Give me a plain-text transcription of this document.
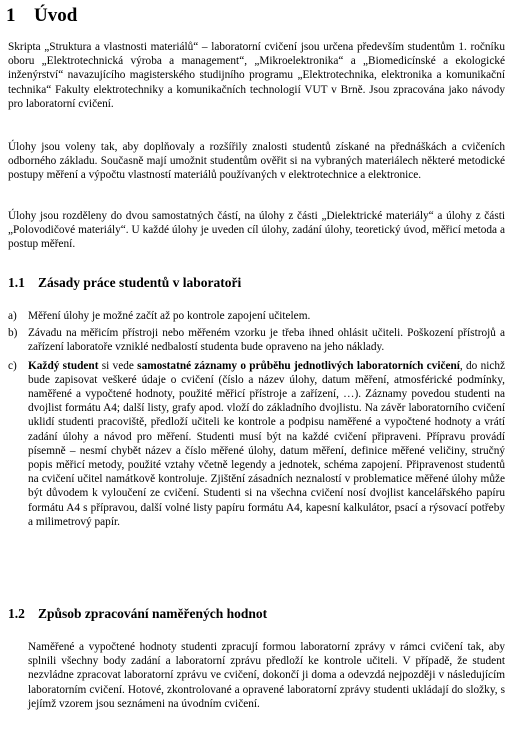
1 Úvod

Skripta „Struktura a vlastnosti materiálů“ – laboratorní cvičení jsou určena především studentům 1. ročníku oboru „Elektrotechnická výroba a management“, „Mikroelektronika“ a „Biomedicínské a ekologické inženýrství“ navazujícího magisterského studijního programu „Elektrotechnika, elektronika a komunikační technika“ Fakulty elektrotechniky a komunikačních technologií VUT v Brně. Jsou zpracována jako návody pro laboratorní cvičení.

Úlohy jsou voleny tak, aby doplňovaly a rozšířily znalosti studentů získané na přednáškách a cvičeních odborného základu. Současně mají umožnit studentům ověřit si na vybraných materiálech některé metodické postupy měření a výpočtu vlastností materiálů používaných v elektrotechnice a elektronice.

Úlohy jsou rozděleny do dvou samostatných částí, na úlohy z části „Dielektrické materiály“ a úlohy z části „Polovodičové materiály“. U každé úlohy je uveden cíl úlohy, zadání úlohy, teoretický úvod, měřicí metoda a postup měření.

1.1 Zásady práce studentů v laboratoři
a) Měření úlohy je možné začít až po kontrole zapojení učitelem.
b) Závadu na měřicím přístroji nebo měřeném vzorku je třeba ihned ohlásit učiteli. Poškození přístrojů a zařízení laboratoře vzniklé nedbalostí studenta bude opraveno na jeho náklady.
c) Každý student si vede samostatné záznamy o průběhu jednotlivých laboratorních cvičení, do nichž bude zapisovat veškeré údaje o cvičení (číslo a název úlohy, datum měření, atmosférické podmínky, naměřené a vypočtené hodnoty, použité měřicí přístroje a zařízení, …). Záznamy povedou studenti na dvojlist formátu A4; další listy, grafy apod. vloží do základního dvojlistu. Na závěr laboratorního cvičení uklidí studenti pracoviště, předloží učiteli ke kontrole a podpisu naměřené a vypočtené hodnoty a vrátí zadání úlohy a návod pro měření. Studenti musí být na každé cvičení připraveni. Přípravu provádí písemně – nesmí chybět název a číslo měřené úlohy, datum měření, definice měřené veličiny, stručný popis měřicí metody, použité vztahy včetně legendy a jednotek, schéma zapojení. Připravenost studentů na cvičení učitel namátkově kontroluje. Zjištění zásadních neznalostí v problematice měřené úlohy může být důvodem k vyloučení ze cvičení. Studenti si na všechna cvičení nosí dvojlist kancelářského papíru formátu A4 s přípravou, další volné listy papíru formátu A4, kapesní kalkulátor, psací a rýsovací potřeby a milimetrový papír.
1.2 Způsob zpracování naměřených hodnot

Naměřené a vypočtené hodnoty studenti zpracují formou laboratorní zprávy v rámci cvičení tak, aby splnili všechny body zadání a laboratorní zprávu předloží ke kontrole učiteli. V případě, že student nezvládne zpracovat laboratorní zprávu ve cvičení, dokončí ji doma a odevzdá nejpozději v následujícím laboratorním cvičení. Hotové, zkontrolované a opravené laboratorní zprávy studenti ukládají do složky, s jejímž vzorem jsou seznámeni na úvodním cvičení.
